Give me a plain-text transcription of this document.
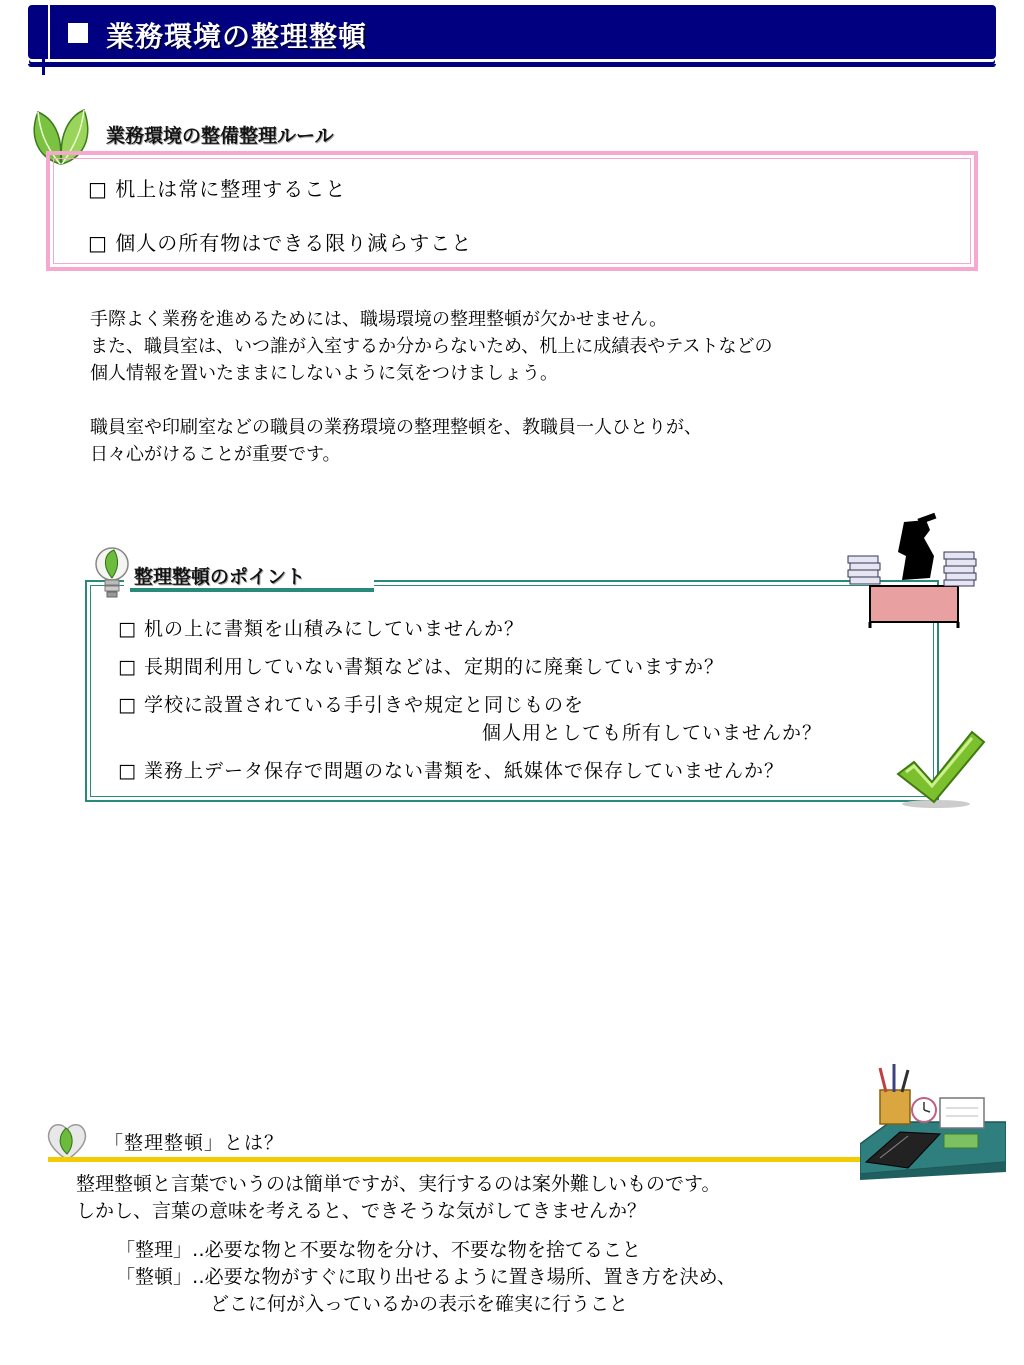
業務環境の整理整頓
業務環境の整備整理ルール
□ 机上は常に整理すること
□ 個人の所有物はできる限り減らすこと
手際よく業務を進めるためには、職場環境の整理整頓が欠かせません。
また、職員室は、いつ誰が入室するか分からないため、机上に成績表やテストなどの
個人情報を置いたままにしないように気をつけましょう。
職員室や印刷室などの職員の業務環境の整理整頓を、教職員一人ひとりが、
日々心がけることが重要です。
整理整頓のポイント
□ 机の上に書類を山積みにしていませんか？
□ 長期間利用していない書類などは、定期的に廃棄していますか？
□ 学校に設置されている手引きや規定と同じものを
個人用としても所有していませんか？
□ 業務上データ保存で問題のない書類を、紙媒体で保存していませんか？
「整理整頓」とは？
整理整頓と言葉でいうのは簡単ですが、実行するのは案外難しいものです。
しかし、言葉の意味を考えると、できそうな気がしてきませんか？
「整理」‥必要な物と不要な物を分け、不要な物を捨てること
「整頓」‥必要な物がすぐに取り出せるように置き場所、置き方を決め、
どこに何が入っているかの表示を確実に行うこと
